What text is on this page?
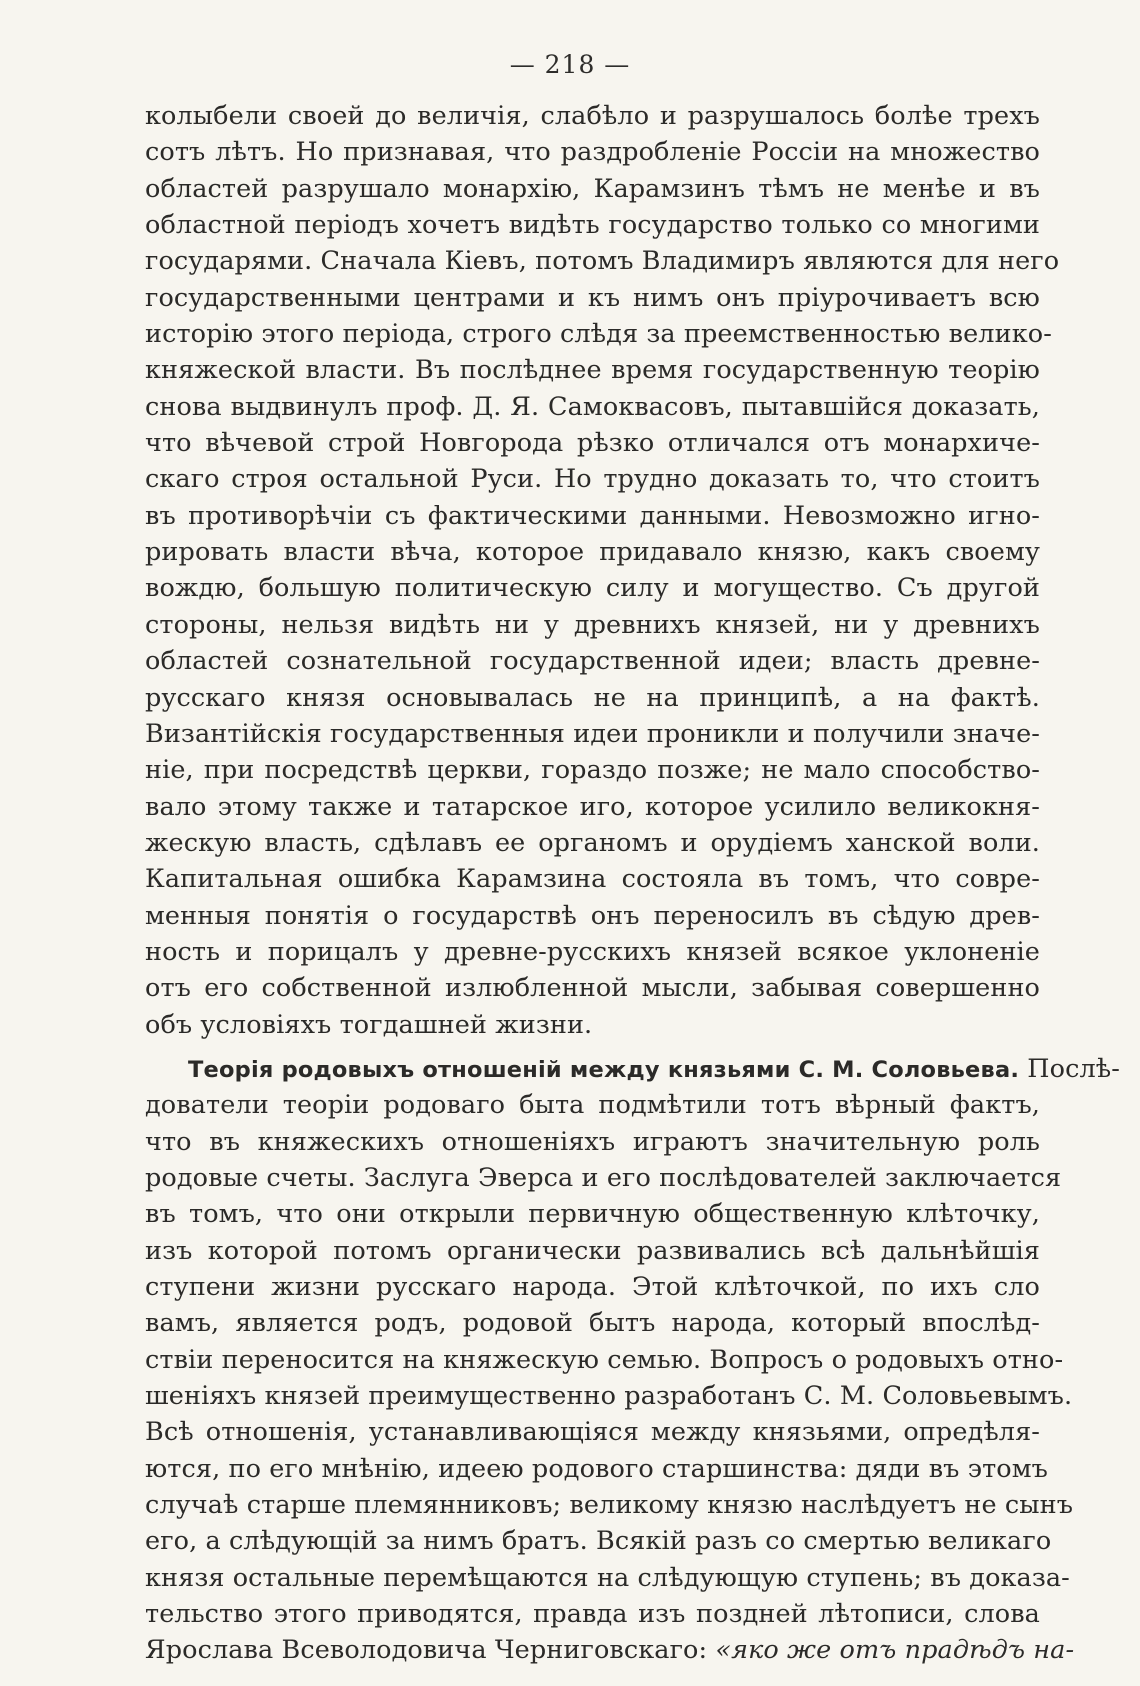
— 218 —
колыбели своей до величія, слабѣло и разрушалось болѣе трехъ
сотъ лѣтъ. Но признавая, что раздробленіе Россіи на множество
областей разрушало монархію, Карамзинъ тѣмъ не менѣе и въ
областной періодъ хочетъ видѣть государство только со многими
государями. Сначала Кіевъ, потомъ Владимиръ являются для него
государственными центрами и къ нимъ онъ пріурочиваетъ всю
исторію этого періода, строго слѣдя за преемственностью велико-
княжеской власти. Въ послѣднее время государственную теорію
снова выдвинулъ проф. Д. Я. Самоквасовъ, пытавшійся доказать,
что вѣчевой строй Новгорода рѣзко отличался отъ монархиче-
скаго строя остальной Руси. Но трудно доказать то, что стоитъ
въ противорѣчіи съ фактическими данными. Невозможно игно-
рировать власти вѣча, которое придавало князю, какъ своему
вождю, большую политическую силу и могущество. Съ другой
стороны, нельзя видѣть ни у древнихъ князей, ни у древнихъ
областей сознательной государственной идеи; власть древне-
русскаго князя основывалась не на принципѣ, а на фактѣ.
Византійскія государственныя идеи проникли и получили значе-
ніе, при посредствѣ церкви, гораздо позже; не мало способство-
вало этому также и татарское иго, которое усилило великокня-
жескую власть, сдѣлавъ ее органомъ и орудіемъ ханской воли.
Капитальная ошибка Карамзина состояла въ томъ, что совре-
менныя понятія о государствѣ онъ переносилъ въ сѣдую древ-
ность и порицалъ у древне-русскихъ князей всякое уклоненіе
отъ его собственной излюбленной мысли, забывая совершенно
объ условіяхъ тогдашней жизни.
Теорія родовыхъ отношеній между князьями С. М. Соловьева. Послѣ-
дователи теоріи родоваго быта подмѣтили тотъ вѣрный фактъ,
что въ княжескихъ отношеніяхъ играютъ значительную роль
родовые счеты. Заслуга Эверса и его послѣдователей заключается
въ томъ, что они открыли первичную общественную клѣточку,
изъ которой потомъ органически развивались всѣ дальнѣйшія
ступени жизни русскаго народа. Этой клѣточкой, по ихъ сло
вамъ, является родъ, родовой бытъ народа, который впослѣд-
ствіи переносится на княжескую семью. Вопросъ о родовыхъ отно-
шеніяхъ князей преимущественно разработанъ С. М. Соловьевымъ.
Всѣ отношенія, устанавливающіяся между князьями, опредѣля-
ются, по его мнѣнію, идеею родового старшинства: дяди въ этомъ
случаѣ старше племянниковъ; великому князю наслѣдуетъ не сынъ
его, а слѣдующій за нимъ братъ. Всякій разъ со смертью великаго
князя остальные перемѣщаются на слѣдующую ступень; въ доказа-
тельство этого приводятся, правда изъ поздней лѣтописи, слова
Ярослава Всеволодовича Черниговскаго: «яко же отъ прадѣдъ на-
